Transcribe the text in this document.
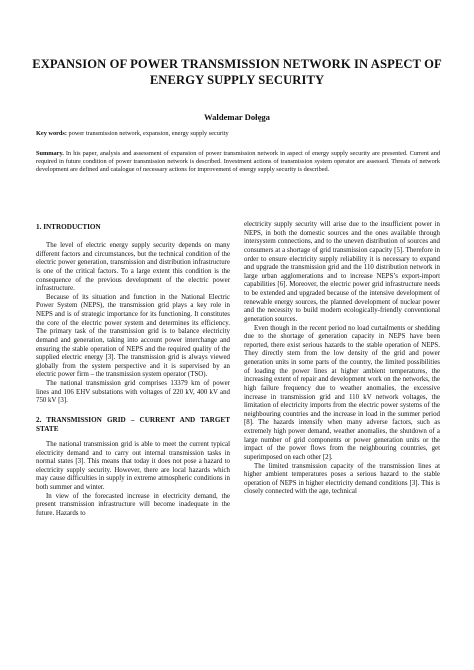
EXPANSION OF POWER TRANSMISSION NETWORK IN ASPECT OF ENERGY SUPPLY SECURITY
Waldemar Dołęga
Key words: power transmission network, expansion, energy supply security
Summary. In his paper, analysis and assessment of expansion of power transmission network in aspect of energy supply security are presented. Current and required in future condition of power transmission network is described. Investment actions of transmission system operator are assessed. Threats of network development are defined and catalogue of necessary actions for improvement of energy supply security is described.
1. INTRODUCTION

The level of electric energy supply security depends on many different factors and circumstances, but the technical condition of the electric power generation, transmission and distribution infrastructure is one of the critical factors. To a large extent this condition is the consequence of the previous development of the electric power infrastructure.

Because of its situation and function in the National Electric Power System (NEPS), the transmission grid plays a key role in NEPS and is of strategic importance for its functioning. It constitutes the core of the electric power system and determines its efficiency. The primary task of the transmission grid is to balance electricity demand and generation, taking into account power interchange and ensuring the stable operation of NEPS and the required quality of the supplied electric energy [3]. The transmission grid is always viewed globally from the system perspective and it is supervised by an electric power firm – the transmission system operator (TSO).

The national transmission grid comprises 13379 km of power lines and 106 EHV substations with voltages of 220 kV, 400 kV and 750 kV [3].

2. TRANSMISSION GRID – CURRENT AND TARGET STATE

The national transmission grid is able to meet the current typical electricity demand and to carry out internal transmission tasks in normal states [3]. This means that today it does not pose a hazard to electricity supply security. However, there are local hazards which may cause difficulties in supply in extreme atmospheric conditions in both summer and winter.

In view of the forecasted increase in electricity demand, the present transmission infrastructure will become inadequate in the future. Hazards to

electricity supply security will arise due to the insufficient power in NEPS, in both the domestic sources and the ones available through intersystem connections, and to the uneven distribution of sources and consumers at a shortage of grid transmission capacity [5]. Therefore in order to ensure electricity supply reliability it is necessary to expand and upgrade the transmission grid and the 110 distribution network in large urban agglomerations and to increase NEPS’s export-import capabilities [6]. Moreover, the electric power grid infrastructure needs to be extended and upgraded because of the intensive development of renewable energy sources, the planned development of nuclear power and the necessity to build modern ecologically-friendly conventional generation sources.

Even though in the recent period no load curtailments or shedding due to the shortage of generation capacity in NEPS have been reported, there exist serious hazards to the stable operation of NEPS. They directly stem from the low density of the grid and power generation units in some parts of the country, the limited possibilities of loading the power lines at higher ambient temperatures, the increasing extent of repair and development work on the networks, the high failure frequency due to weather anomalies, the excessive increase in transmission grid and 110 kV network voltages, the limitation of electricity imports from the electric power systems of the neighbouring countries and the increase in load in the summer period [8]. The hazards intensify when many adverse factors, such as extremely high power demand, weather anomalies, the shutdown of a large number of grid components or power generation units or the impact of the power flows from the neighbouring countries, get superimposed on each other [2].

The limited transmission capacity of the transmission lines at higher ambient temperatures poses a serious hazard to the stable operation of NEPS in higher electricity demand conditions [3]. This is closely connected with the age, technical
